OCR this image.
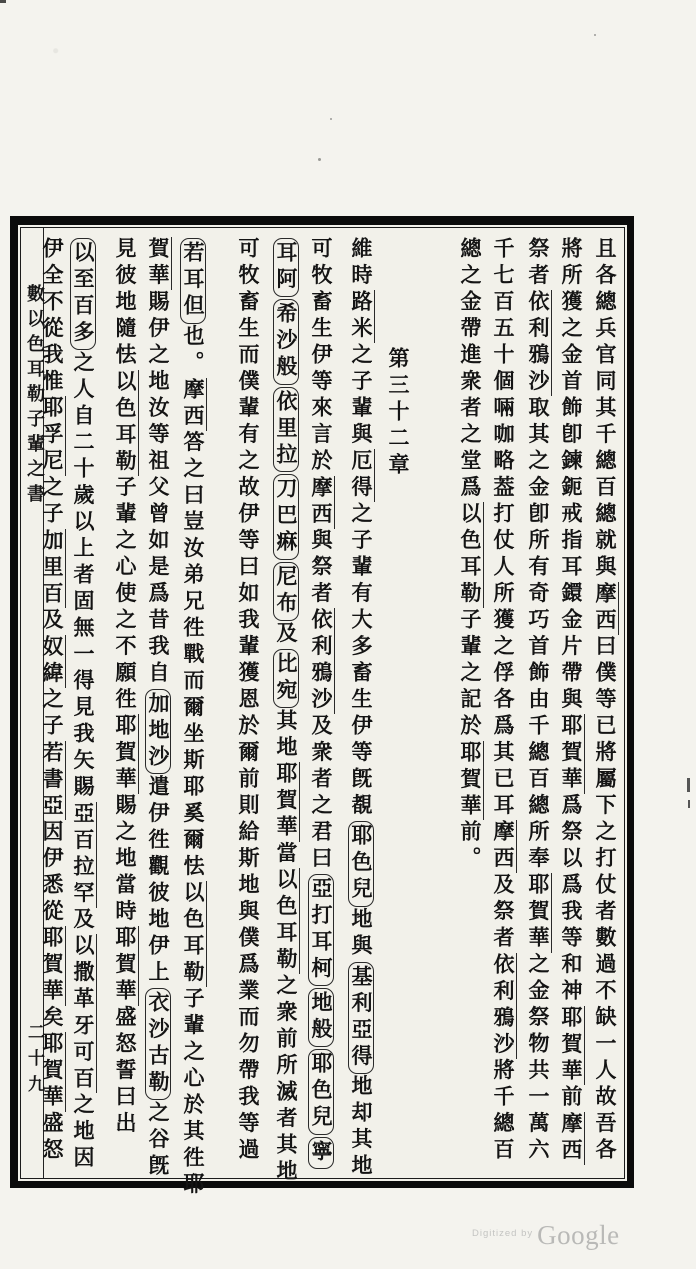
數以色耳勒子輩之書
二十九
且各總兵官同其千總百總就與摩西曰僕等已將屬下之打仗者數過不缺一人故吾各
將所獲之金首飾卽鍊鈪戒指耳鐶金片帶與耶賀華爲祭以爲我等和神耶賀華前摩西
祭者依利鴉沙取其之金卽所有奇巧首飾由千總百總所奉耶賀華之金祭物共一萬六
千七百五十個啢咖略葢打仗人所獲之俘各爲其已耳摩西及祭者依利鴉沙將千總百
總之金帶進衆者之堂爲以色耳勒子輩之記於耶賀華前。
第三十二章
維時路米之子輩與厄得之子輩有大多畜生伊等旣覩耶色兒地與基利亞得地却其地
可牧畜生伊等來言於摩西與祭者依利鴉沙及衆者之君曰亞打耳柯地般耶色兒寧
耳阿希沙般依里拉刀巴痳尼布及比宛其地耶賀華當以色耳勒之衆前所滅者其地
可牧畜生而僕輩有之故伊等曰如我輩獲恩於爾前則給斯地與僕爲業而勿帶我等過
若耳但也。摩西答之曰豈汝弟兄徃戰而爾坐斯耶奚爾怯以色耳勒子輩之心於其徃耶
賀華賜伊之地汝等祖父曾如是爲昔我自加地沙遣伊徃觀彼地伊上衣沙古勒之谷旣
見彼地隨怯以色耳勒子輩之心使之不願徃耶賀華賜之地當時耶賀華盛怒誓曰出
以至百多之人自二十歲以上者固無一得見我矢賜亞百拉罕及以撒革牙可百之地因
伊全不從我惟耶孚尼之子加里百及奴緯之子若書亞因伊悉從耶賀華矣耶賀華盛怒
$^{Digitized by}$ Google
